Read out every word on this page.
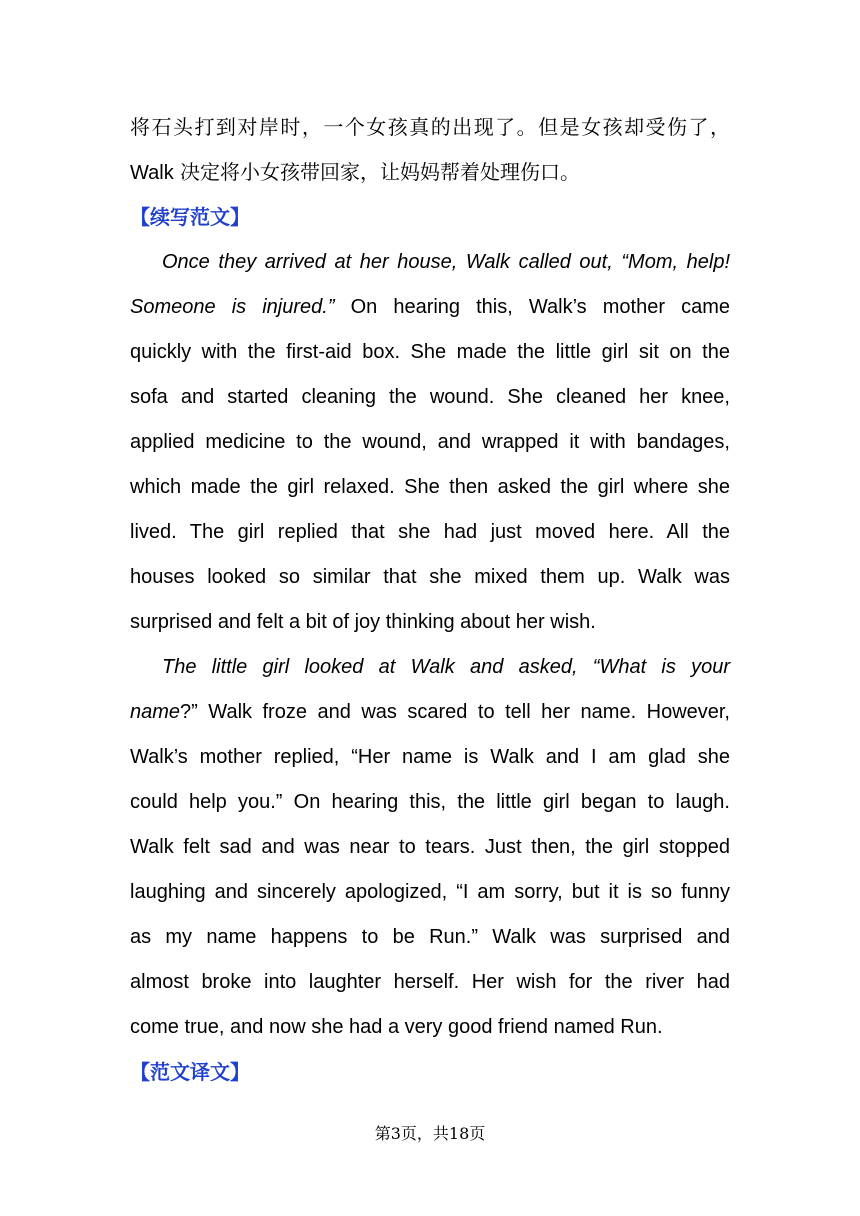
将石头打到对岸时，一个女孩真的出现了。但是女孩却受伤了，
Walk 决定将小女孩带回家，让妈妈帮着处理伤口。
【续写范文】
Once they arrived at her house, Walk called out, “Mom, help!
Someone is injured.” On hearing this, Walk’s mother came
quickly with the first-aid box. She made the little girl sit on the
sofa and started cleaning the wound. She cleaned her knee,
applied medicine to the wound, and wrapped it with bandages,
which made the girl relaxed. She then asked the girl where she
lived. The girl replied that she had just moved here. All the
houses looked so similar that she mixed them up. Walk was
surprised and felt a bit of joy thinking about her wish.
The little girl looked at Walk and asked, “What is your
name?” Walk froze and was scared to tell her name. However,
Walk’s mother replied, “Her name is Walk and I am glad she
could help you.” On hearing this, the little girl began to laugh.
Walk felt sad and was near to tears. Just then, the girl stopped
laughing and sincerely apologized, “I am sorry, but it is so funny
as my name happens to be Run.” Walk was surprised and
almost broke into laughter herself. Her wish for the river had
come true, and now she had a very good friend named Run.
【范文译文】
第3页，共18页
